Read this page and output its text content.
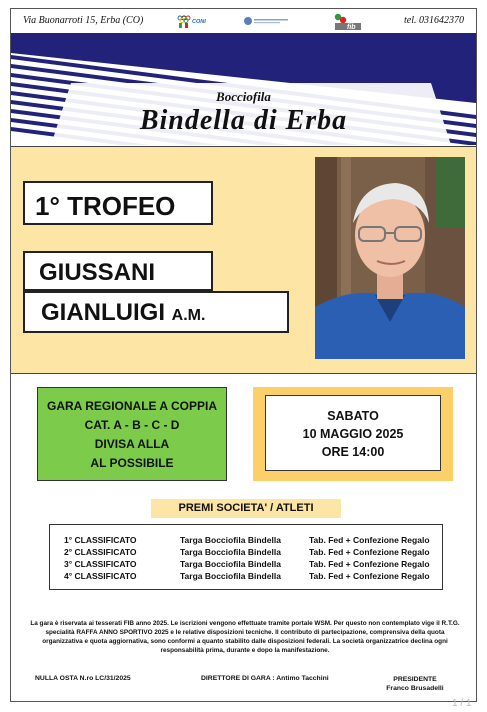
Via Buonarroti 15, Erba (CO)	CONI
fib
tel. 031642370
Bocciofila
Bindella di Erba
1° TROFEO
GIUSSANI
GIANLUIGI A.M.
GARA REGIONALE A COPPIA
CAT. A - B - C - D
DIVISA ALLA
AL POSSIBILE
SABATO
10 MAGGIO 2025
ORE 14:00
PREMI SOCIETA' / ATLETI
1° CLASSIFICATO	Targa Bocciofila Bindella	Tab. Fed + Confezione Regalo
2° CLASSIFICATO	Targa Bocciofila Bindella	Tab. Fed + Confezione Regalo
3° CLASSIFICATO	Targa Bocciofila Bindella	Tab. Fed + Confezione Regalo
4° CLASSIFICATO	Targa Bocciofila Bindella	Tab. Fed + Confezione Regalo
La gara è riservata ai tesserati FIB anno 2025. Le iscrizioni vengono effettuate tramite portale WSM. Per questo non contemplato vige il R.T.G. specialità RAFFA ANNO SPORTIVO 2025 e le relative disposizioni tecniche. Il contributo di partecipazione, comprensiva della quota organizzativa e quota aggiornativa, sono conformi a quanto stabilito dalle disposizioni federali. La società organizzatrice declina ogni responsabilità prima, durante e dopo la manifestazione.
NULLA OSTA N.ro LC/31/2025	DIRETTORE DI GARA : Antimo Tacchini	PRESIDENTE
Franco Brusadelli
1 / 1
